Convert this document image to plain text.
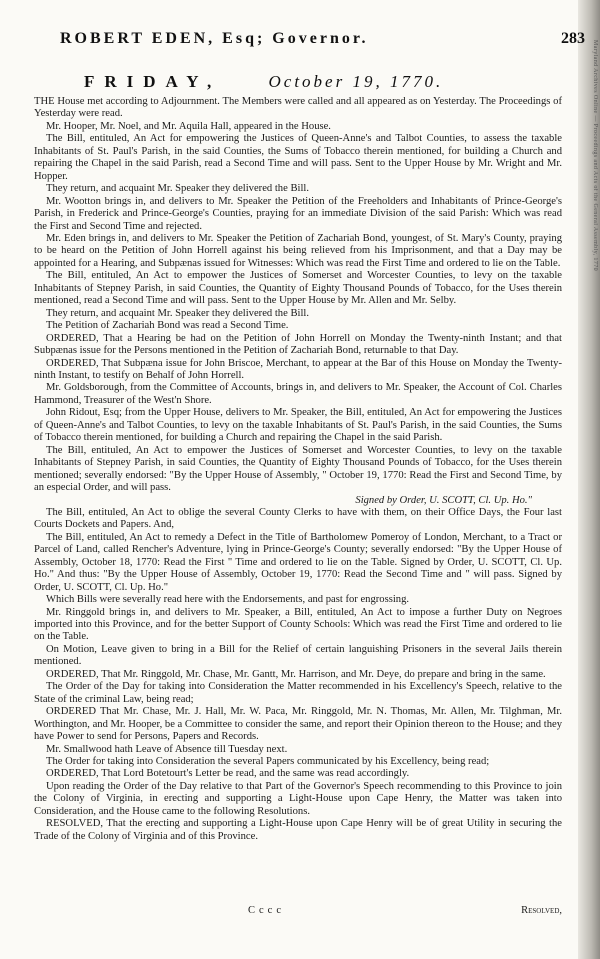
Maryland Archives Online — Proceedings and Acts of the General Assembly, 1770
ROBERT EDEN, Esq; Governor.	283
FRIDAY,	October 19, 1770.

THE House met according to Adjournment. The Members were called and all appeared as on Yesterday. The Proceedings of Yesterday were read.

Mr. Hooper, Mr. Noel, and Mr. Aquila Hall, appeared in the House.

The Bill, entituled, An Act for empowering the Justices of Queen-Anne's and Talbot Counties, to assess the taxable Inhabitants of St. Paul's Parish, in the said Counties, the Sums of Tobacco therein mentioned, for building a Church and repairing the Chapel in the said Parish, read a Second Time and will pass. Sent to the Upper House by Mr. Wright and Mr. Hopper.

They return, and acquaint Mr. Speaker they delivered the Bill.

Mr. Wootton brings in, and delivers to Mr. Speaker the Petition of the Freeholders and Inhabitants of Prince-George's Parish, in Frederick and Prince-George's Counties, praying for an immediate Division of the said Parish: Which was read the First and Second Time and rejected.

Mr. Eden brings in, and delivers to Mr. Speaker the Petition of Zachariah Bond, youngest, of St. Mary's County, praying to be heard on the Petition of John Horrell against his being relieved from his Imprisonment, and that a Day may be appointed for a Hearing, and Subpænas issued for Witnesses: Which was read the First Time and ordered to lie on the Table.

The Bill, entituled, An Act to empower the Justices of Somerset and Worcester Counties, to levy on the taxable Inhabitants of Stepney Parish, in said Counties, the Quantity of Eighty Thousand Pounds of Tobacco, for the Uses therein mentioned, read a Second Time and will pass. Sent to the Upper House by Mr. Allen and Mr. Selby.

They return, and acquaint Mr. Speaker they delivered the Bill.

The Petition of Zachariah Bond was read a Second Time.

ORDERED, That a Hearing be had on the Petition of John Horrell on Monday the Twenty-ninth Instant; and that Subpænas issue for the Persons mentioned in the Petition of Zachariah Bond, returnable to that Day.

ORDERED, That Subpæna issue for John Briscoe, Merchant, to appear at the Bar of this House on Monday the Twenty-ninth Instant, to testify on Behalf of John Horrell.

Mr. Goldsborough, from the Committee of Accounts, brings in, and delivers to Mr. Speaker, the Account of Col. Charles Hammond, Treasurer of the West'n Shore.

John Ridout, Esq; from the Upper House, delivers to Mr. Speaker, the Bill, entituled, An Act for empowering the Justices of Queen-Anne's and Talbot Counties, to levy on the taxable Inhabitants of St. Paul's Parish, in the said Counties, the Sums of Tobacco therein mentioned, for building a Church and repairing the Chapel in the said Parish.

The Bill, entituled, An Act to empower the Justices of Somerset and Worcester Counties, to levy on the taxable Inhabitants of Stepney Parish, in said Counties, the Quantity of Eighty Thousand Pounds of Tobacco, for the Uses therein mentioned; severally endorsed: "By the Upper House of Assembly, " October 19, 1770: Read the First and Second Time, by an especial Order, and will pass.

Signed by Order, U. SCOTT, Cl. Up. Ho."

The Bill, entituled, An Act to oblige the several County Clerks to have with them, on their Office Days, the Four last Courts Dockets and Papers. And,

The Bill, entituled, An Act to remedy a Defect in the Title of Bartholomew Pomeroy of London, Merchant, to a Tract or Parcel of Land, called Rencher's Adventure, lying in Prince-George's County; severally endorsed: "By the Upper House of Assembly, October 18, 1770: Read the First " Time and ordered to lie on the Table. Signed by Order, U. SCOTT, Cl. Up. Ho." And thus: "By the Upper House of Assembly, October 19, 1770: Read the Second Time and " will pass. Signed by Order, U. SCOTT, Cl. Up. Ho."

Which Bills were severally read here with the Endorsements, and past for engrossing.

Mr. Ringgold brings in, and delivers to Mr. Speaker, a Bill, entituled, An Act to impose a further Duty on Negroes imported into this Province, and for the better Support of County Schools: Which was read the First Time and ordered to lie on the Table.

On Motion, Leave given to bring in a Bill for the Relief of certain languishing Prisoners in the several Jails therein mentioned.

ORDERED, That Mr. Ringgold, Mr. Chase, Mr. Gantt, Mr. Harrison, and Mr. Deye, do prepare and bring in the same.

The Order of the Day for taking into Consideration the Matter recommended in his Excellency's Speech, relative to the State of the criminal Law, being read;

ORDERED That Mr. Chase, Mr. J. Hall, Mr. W. Paca, Mr. Ringgold, Mr. N. Thomas, Mr. Allen, Mr. Tilghman, Mr. Worthington, and Mr. Hooper, be a Committee to consider the same, and report their Opinion thereon to the House; and they have Power to send for Persons, Papers and Records.

Mr. Smallwood hath Leave of Absence till Tuesday next.

The Order for taking into Consideration the several Papers communicated by his Excellency, being read;

ORDERED, That Lord Botetourt's Letter be read, and the same was read accordingly.

Upon reading the Order of the Day relative to that Part of the Governor's Speech recommending to this Province to join the Colony of Virginia, in erecting and supporting a Light-House upon Cape Henry, the Matter was taken into Consideration, and the House came to the following Resolutions.

RESOLVED, That the erecting and supporting a Light-House upon Cape Henry will be of great Utility in securing the Trade of the Colony of Virginia and of this Province.

Cccc	Resolved,
